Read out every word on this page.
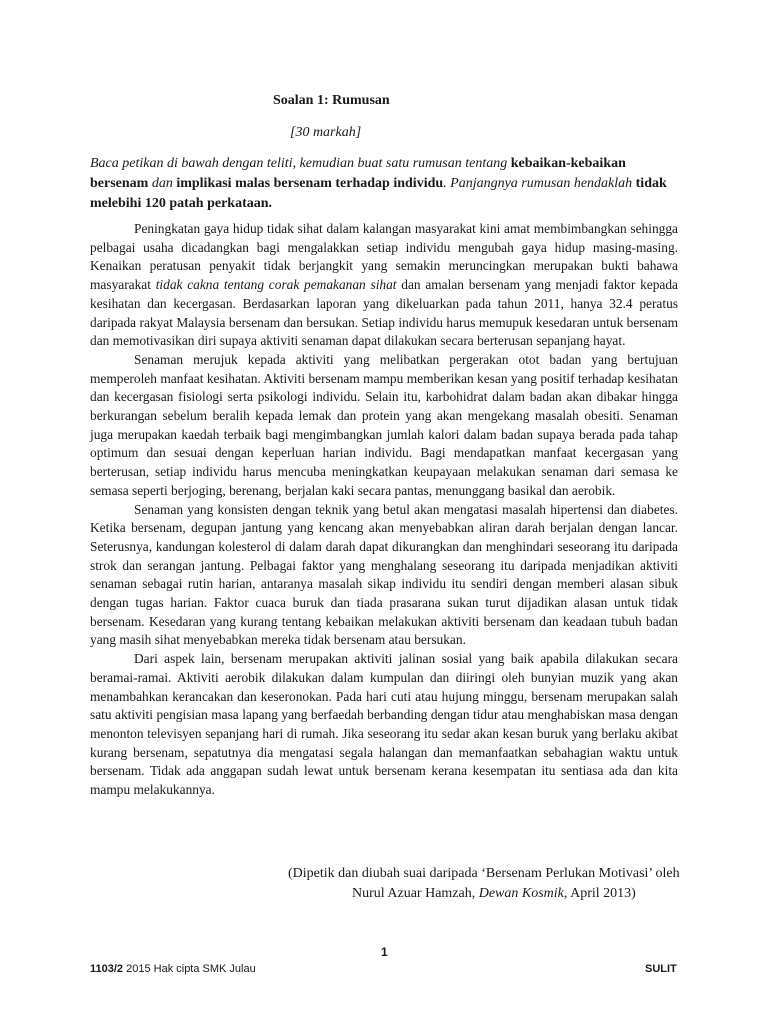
Soalan 1: Rumusan
[30 markah]
Baca petikan di bawah dengan teliti, kemudian buat satu rumusan tentang kebaikan-kebaikan bersenam dan implikasi malas bersenam terhadap individu. Panjangnya rumusan hendaklah tidak melebihi 120 patah perkataan.

Peningkatan gaya hidup tidak sihat dalam kalangan masyarakat kini amat membimbangkan sehingga pelbagai usaha dicadangkan bagi mengalakkan setiap individu mengubah gaya hidup masing-masing. Kenaikan peratusan penyakit tidak berjangkit yang semakin meruncingkan merupakan bukti bahawa masyarakat tidak cakna tentang corak pemakanan sihat dan amalan bersenam yang menjadi faktor kepada kesihatan dan kecergasan. Berdasarkan laporan yang dikeluarkan pada tahun 2011, hanya 32.4 peratus daripada rakyat Malaysia bersenam dan bersukan. Setiap individu harus memupuk kesedaran untuk bersenam dan memotivasikan diri supaya aktiviti senaman dapat dilakukan secara berterusan sepanjang hayat.

Senaman merujuk kepada aktiviti yang melibatkan pergerakan otot badan yang bertujuan memperoleh manfaat kesihatan. Aktiviti bersenam mampu memberikan kesan yang positif terhadap kesihatan dan kecergasan fisiologi serta psikologi individu. Selain itu, karbohidrat dalam badan akan dibakar hingga berkurangan sebelum beralih kepada lemak dan protein yang akan mengekang masalah obesiti. Senaman juga merupakan kaedah terbaik bagi mengimbangkan jumlah kalori dalam badan supaya berada pada tahap optimum dan sesuai dengan keperluan harian individu. Bagi mendapatkan manfaat kecergasan yang berterusan, setiap individu harus mencuba meningkatkan keupayaan melakukan senaman dari semasa ke semasa seperti berjoging, berenang, berjalan kaki secara pantas, menunggang basikal dan aerobik.

Senaman yang konsisten dengan teknik yang betul akan mengatasi masalah hipertensi dan diabetes. Ketika bersenam, degupan jantung yang kencang akan menyebabkan aliran darah berjalan dengan lancar. Seterusnya, kandungan kolesterol di dalam darah dapat dikurangkan dan menghindari seseorang itu daripada strok dan serangan jantung. Pelbagai faktor yang menghalang seseorang itu daripada menjadikan aktiviti senaman sebagai rutin harian, antaranya masalah sikap individu itu sendiri dengan memberi alasan sibuk dengan tugas harian. Faktor cuaca buruk dan tiada prasarana sukan turut dijadikan alasan untuk tidak bersenam. Kesedaran yang kurang tentang kebaikan melakukan aktiviti bersenam dan keadaan tubuh badan yang masih sihat menyebabkan mereka tidak bersenam atau bersukan.

Dari aspek lain, bersenam merupakan aktiviti jalinan sosial yang baik apabila dilakukan secara beramai-ramai. Aktiviti aerobik dilakukan dalam kumpulan dan diiringi oleh bunyian muzik yang akan menambahkan kerancakan dan keseronokan. Pada hari cuti atau hujung minggu, bersenam merupakan salah satu aktiviti pengisian masa lapang yang berfaedah berbanding dengan tidur atau menghabiskan masa dengan menonton televisyen sepanjang hari di rumah. Jika seseorang itu sedar akan kesan buruk yang berlaku akibat kurang bersenam, sepatutnya dia mengatasi segala halangan dan memanfaatkan sebahagian waktu untuk bersenam. Tidak ada anggapan sudah lewat untuk bersenam kerana kesempatan itu sentiasa ada dan kita mampu melakukannya.

(Dipetik dan diubah suai daripada ‘Bersenam Perlukan Motivasi’ oleh
Nurul Azuar Hamzah, Dewan Kosmik, April 2013)
1
1103/2 2015 Hak cipta SMK Julau	SULIT
